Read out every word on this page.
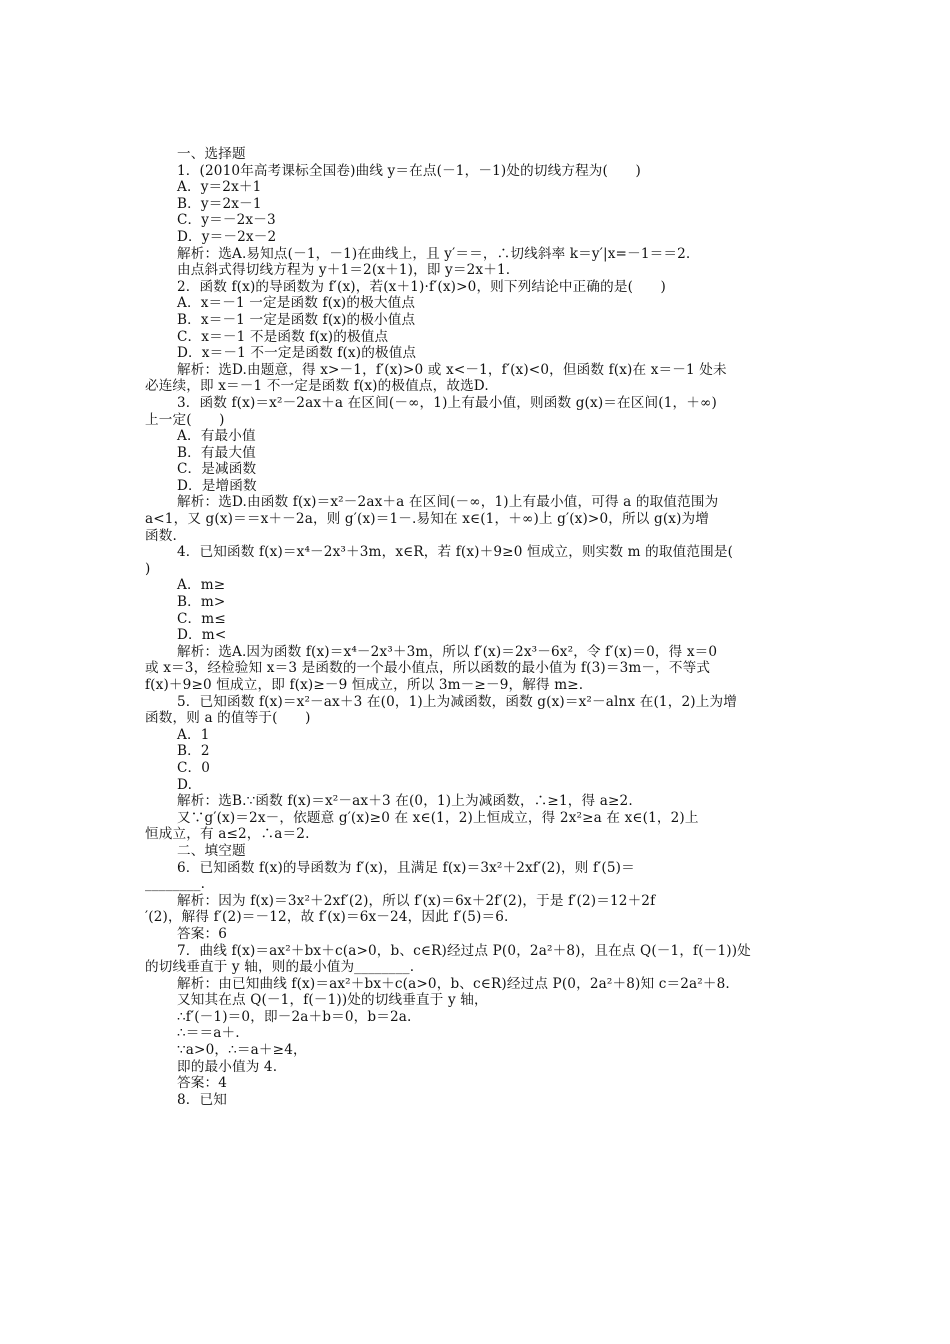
一、选择题
1．(2010年高考课标全国卷)曲线 y＝在点(－1，－1)处的切线方程为(　　)
A．y＝2x＋1
B．y＝2x－1
C．y＝－2x－3
D．y＝－2x－2
解析：选A.易知点(－1，－1)在曲线上，且 y′＝＝，∴切线斜率 k＝y′|x=－1＝＝2.
由点斜式得切线方程为 y＋1＝2(x＋1)，即 y＝2x＋1.
2．函数 f(x)的导函数为 f′(x)，若(x＋1)·f′(x)>0，则下列结论中正确的是(　　)
A．x＝－1 一定是函数 f(x)的极大值点
B．x＝－1 一定是函数 f(x)的极小值点
C．x＝－1 不是函数 f(x)的极值点
D．x＝－1 不一定是函数 f(x)的极值点
解析：选D.由题意，得 x>－1，f′(x)>0 或 x<－1，f′(x)<0，但函数 f(x)在 x＝－1 处未
必连续，即 x＝－1 不一定是函数 f(x)的极值点，故选D.
3．函数 f(x)＝x²－2ax＋a 在区间(－∞，1)上有最小值，则函数 g(x)＝在区间(1，＋∞)
上一定(　　)
A．有最小值
B．有最大值
C．是减函数
D．是增函数
解析：选D.由函数 f(x)＝x²－2ax＋a 在区间(－∞，1)上有最小值，可得 a 的取值范围为
a<1，又 g(x)＝＝x＋－2a，则 g′(x)＝1－.易知在 x∈(1，＋∞)上 g′(x)>0，所以 g(x)为增
函数.
4．已知函数 f(x)＝x⁴－2x³＋3m，x∈R，若 f(x)＋9≥0 恒成立，则实数 m 的取值范围是(
)
A．m≥
B．m>
C．m≤
D．m<
解析：选A.因为函数 f(x)＝x⁴－2x³＋3m，所以 f′(x)＝2x³－6x²，令 f′(x)＝0，得 x＝0
或 x＝3，经检验知 x＝3 是函数的一个最小值点，所以函数的最小值为 f(3)＝3m－，不等式
f(x)＋9≥0 恒成立，即 f(x)≥－9 恒成立，所以 3m－≥－9，解得 m≥.
5．已知函数 f(x)＝x²－ax＋3 在(0，1)上为减函数，函数 g(x)＝x²－alnx 在(1，2)上为增
函数，则 a 的值等于(　　)
A．1
B．2
C．0
D.
解析：选B.∵函数 f(x)＝x²－ax＋3 在(0，1)上为减函数，∴≥1，得 a≥2.
又∵g′(x)＝2x－，依题意 g′(x)≥0 在 x∈(1，2)上恒成立，得 2x²≥a 在 x∈(1，2)上
恒成立，有 a≤2，∴a＝2.
二、填空题
6．已知函数 f(x)的导函数为 f′(x)，且满足 f(x)＝3x²＋2xf′(2)，则 f′(5)＝
________.
解析：因为 f(x)＝3x²＋2xf′(2)，所以 f′(x)＝6x＋2f′(2)，于是 f′(2)＝12＋2f
′(2)，解得 f′(2)＝－12，故 f′(x)＝6x－24，因此 f′(5)＝6.
答案：6
7．曲线 f(x)＝ax²＋bx＋c(a>0，b、c∈R)经过点 P(0，2a²＋8)，且在点 Q(－1，f(－1))处
的切线垂直于 y 轴，则的最小值为________.
解析：由已知曲线 f(x)＝ax²＋bx＋c(a>0，b、c∈R)经过点 P(0，2a²＋8)知 c＝2a²＋8.
又知其在点 Q(－1，f(－1))处的切线垂直于 y 轴，
∴f′(－1)＝0，即－2a＋b＝0，b＝2a.
∴＝＝a＋.
∵a>0，∴＝a＋≥4，
即的最小值为 4.
答案：4
8．已知
